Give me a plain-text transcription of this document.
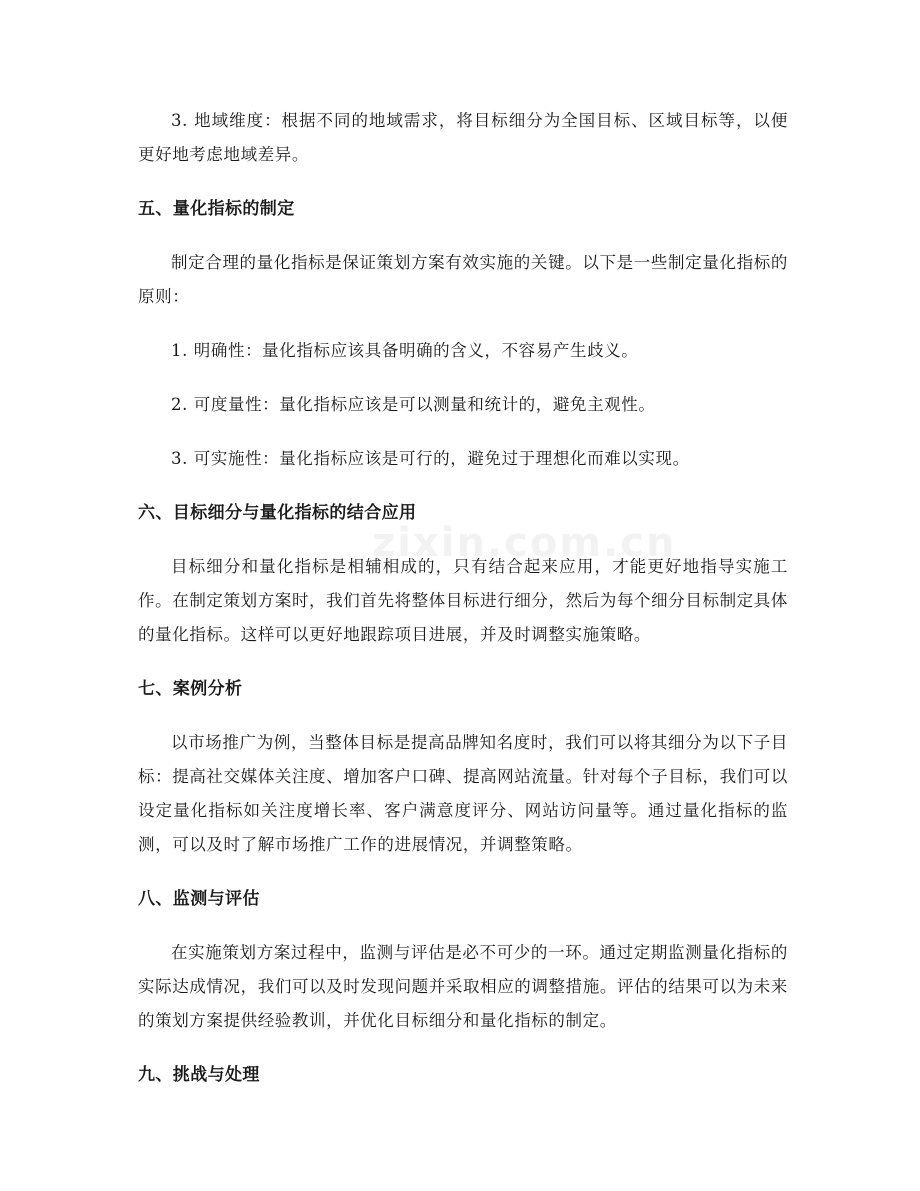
3. 地域维度：根据不同的地域需求，将目标细分为全国目标、区域目标等，以便更好地考虑地域差异。

五、量化指标的制定

制定合理的量化指标是保证策划方案有效实施的关键。以下是一些制定量化指标的原则：

1. 明确性：量化指标应该具备明确的含义，不容易产生歧义。

2. 可度量性：量化指标应该是可以测量和统计的，避免主观性。

3. 可实施性：量化指标应该是可行的，避免过于理想化而难以实现。

六、目标细分与量化指标的结合应用

目标细分和量化指标是相辅相成的，只有结合起来应用，才能更好地指导实施工作。在制定策划方案时，我们首先将整体目标进行细分，然后为每个细分目标制定具体的量化指标。这样可以更好地跟踪项目进展，并及时调整实施策略。

七、案例分析

以市场推广为例，当整体目标是提高品牌知名度时，我们可以将其细分为以下子目标：提高社交媒体关注度、增加客户口碑、提高网站流量。针对每个子目标，我们可以设定量化指标如关注度增长率、客户满意度评分、网站访问量等。通过量化指标的监测，可以及时了解市场推广工作的进展情况，并调整策略。

八、监测与评估

在实施策划方案过程中，监测与评估是必不可少的一环。通过定期监测量化指标的实际达成情况，我们可以及时发现问题并采取相应的调整措施。评估的结果可以为未来的策划方案提供经验教训，并优化目标细分和量化指标的制定。

九、挑战与处理
zixin.com.cn
